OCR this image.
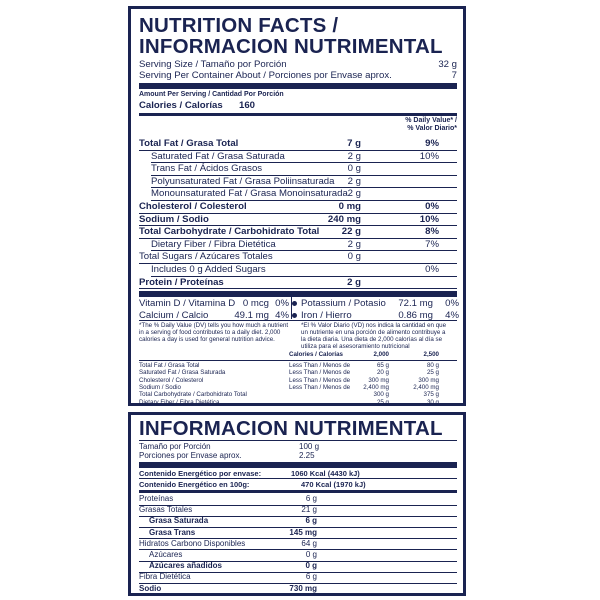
NUTRITION FACTS /
INFORMACION NUTRIMENTAL
Serving Size / Tamaño por Porción	32 g
Serving Per Container About / Porciones por Envase aprox.	7
Amount Per Serving / Cantidad Por Porción
Calories / Calorías 160
% Daily Value* /
% Valor Diario*
Total Fat / Grasa Total	7 g	9%
Saturated Fat / Grasa Saturada	2 g	10%
Trans Fat / Ácidos Grasos	0 g
Polyunsaturated Fat / Grasa Poliinsaturada 2 g
Monounsaturated Fat / Grasa Monoinsaturada 2 g
Cholesterol / Colesterol	0 mg	0%
Sodium / Sodio	240 mg	10%
Total Carbohydrate / Carbohidrato Total 22 g	8%
Dietary Fiber / Fibra Dietética	2 g	7%
Total Sugars / Azúcares Totales	0 g
Includes 0 g Added Sugars	0%
Protein / Proteínas	2 g
Vitamin D / Vitamina D 0 mcg 0% Potassium / Potasio 72.1 mg 0%
Calcium / Calcio	49.1 mg 4% Iron / Hierro	0.86 mg 4%
*The % Daily Value (DV) tells you how much a nutrient in a serving of food contributes to a daily diet. 2,000 calories a day is used for general nutrition advice.
*El % Valor Diario (VD) nos indica la cantidad en que un nutriente en una porción de alimento contribuye a la dieta diaria. Una dieta de 2,000 calorías al día se utiliza para el asesoramiento nutricional
Calories / Calorías	2,000	2,500
Total Fat / Grasa Total	Less Than / Menos de	65 g	80 g
Saturated Fat / Grasa Saturada	Less Than / Menos de	20 g	25 g
Cholesterol / Colesterol	Less Than / Menos de	300 mg	300 mg
Sodium / Sodio	Less Than / Menos de 2,400 mg	2,400 mg
Total Carbohydrate / Carbohidrato Total	300 g	375 g
Dietary Fiber / Fibra Dietética	25 g	30 g
INFORMACION NUTRIMENTAL
Tamaño por Porción	100 g
Porciones por Envase aprox.	2.25
Contenido Energético por envase:	1060 Kcal (4430 kJ)
Contenido Energético en 100g:	470 Kcal (1970 kJ)
Proteínas	6 g
Grasas Totales	21 g
Grasa Saturada	6 g
Grasa Trans	145 mg
Hidratos Carbono Disponibles	64 g
Azúcares	0 g
Azúcares añadidos	0 g
Fibra Dietética	6 g
Sodio	730 mg
